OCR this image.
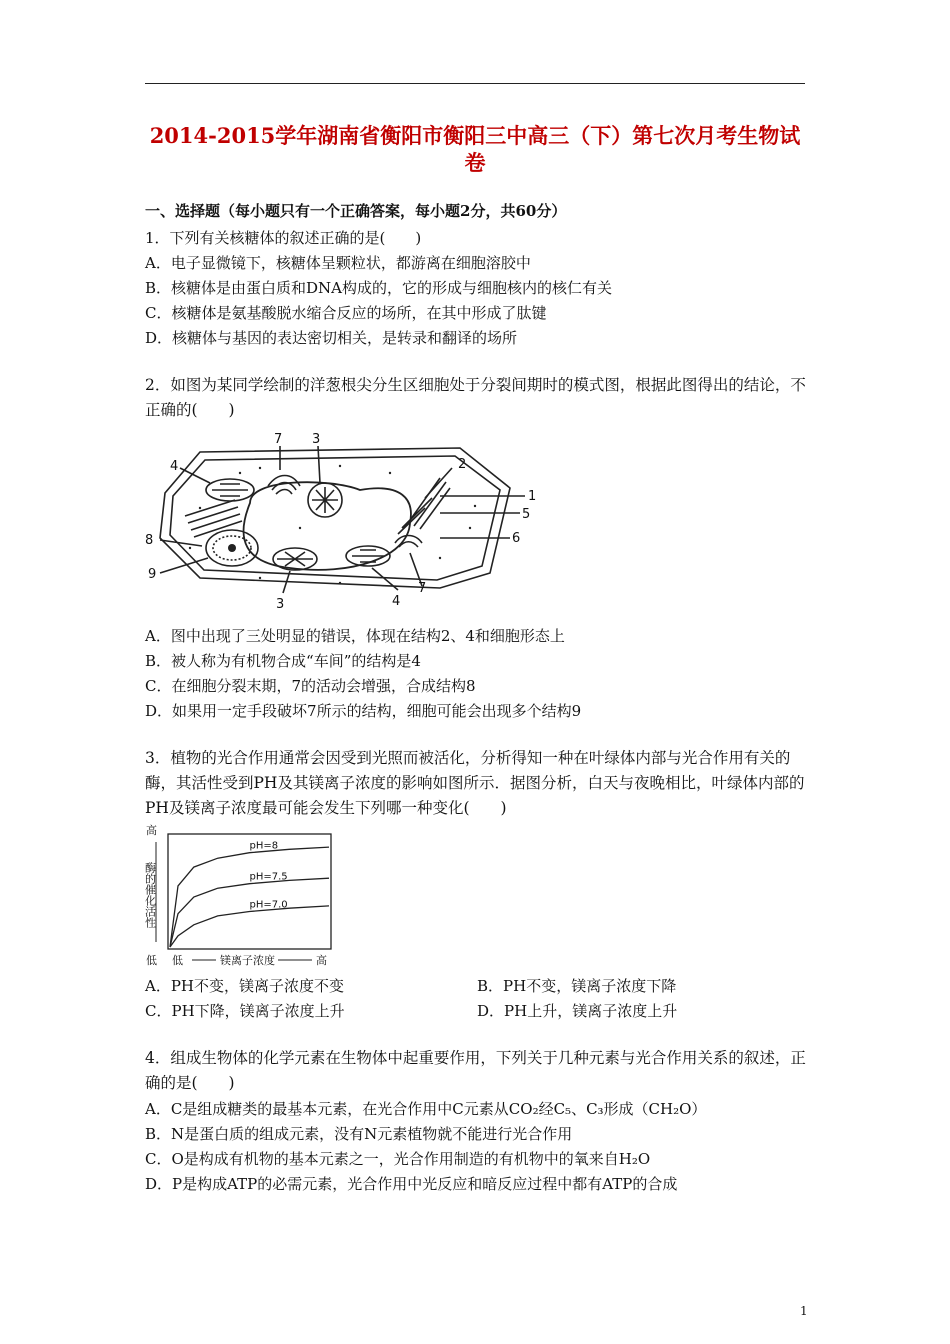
2014-2015学年湖南省衡阳市衡阳三中高三（下）第七次月考生物试卷
一、选择题（每小题只有一个正确答案，每小题2分，共60分）
1．下列有关核糖体的叙述正确的是(　　)
A．电子显微镜下，核糖体呈颗粒状，都游离在细胞溶胶中
B．核糖体是由蛋白质和DNA构成的，它的形成与细胞核内的核仁有关
C．核糖体是氨基酸脱水缩合反应的场所，在其中形成了肽键
D．核糖体与基因的表达密切相关，是转录和翻译的场所
2．如图为某同学绘制的洋葱根尖分生区细胞处于分裂间期时的模式图，根据此图得出的结论，不正确的(　　)
7 3
4	2
1
5
6
8
9
3	4
7
A．图中出现了三处明显的错误，体现在结构2、4和细胞形态上
B．被人称为有机物合成“车间”的结构是4
C．在细胞分裂末期，7的活动会增强，合成结构8
D．如果用一定手段破坏7所示的结构，细胞可能会出现多个结构9
3．植物的光合作用通常会因受到光照而被活化，分析得知一种在叶绿体内部与光合作用有关的酶，其活性受到PH及其镁离子浓度的影响如图所示．据图分析，白天与夜晚相比，叶绿体内部的PH及镁离子浓度最可能会发生下列哪一种变化(　　)
高
酶的催化活性
低 低	镁离子浓度	高
pH=8
pH=7.5
pH=7.0
A．PH不变，镁离子浓度不变	B．PH不变，镁离子浓度下降
C．PH下降，镁离子浓度上升	D．PH上升，镁离子浓度上升
4．组成生物体的化学元素在生物体中起重要作用，下列关于几种元素与光合作用关系的叙述，正确的是(　　)
A．C是组成糖类的最基本元素，在光合作用中C元素从CO₂经C₅、C₃形成（CH₂O）
B．N是蛋白质的组成元素，没有N元素植物就不能进行光合作用
C．O是构成有机物的基本元素之一，光合作用制造的有机物中的氧来自H₂O
D．P是构成ATP的必需元素，光合作用中光反应和暗反应过程中都有ATP的合成
1
